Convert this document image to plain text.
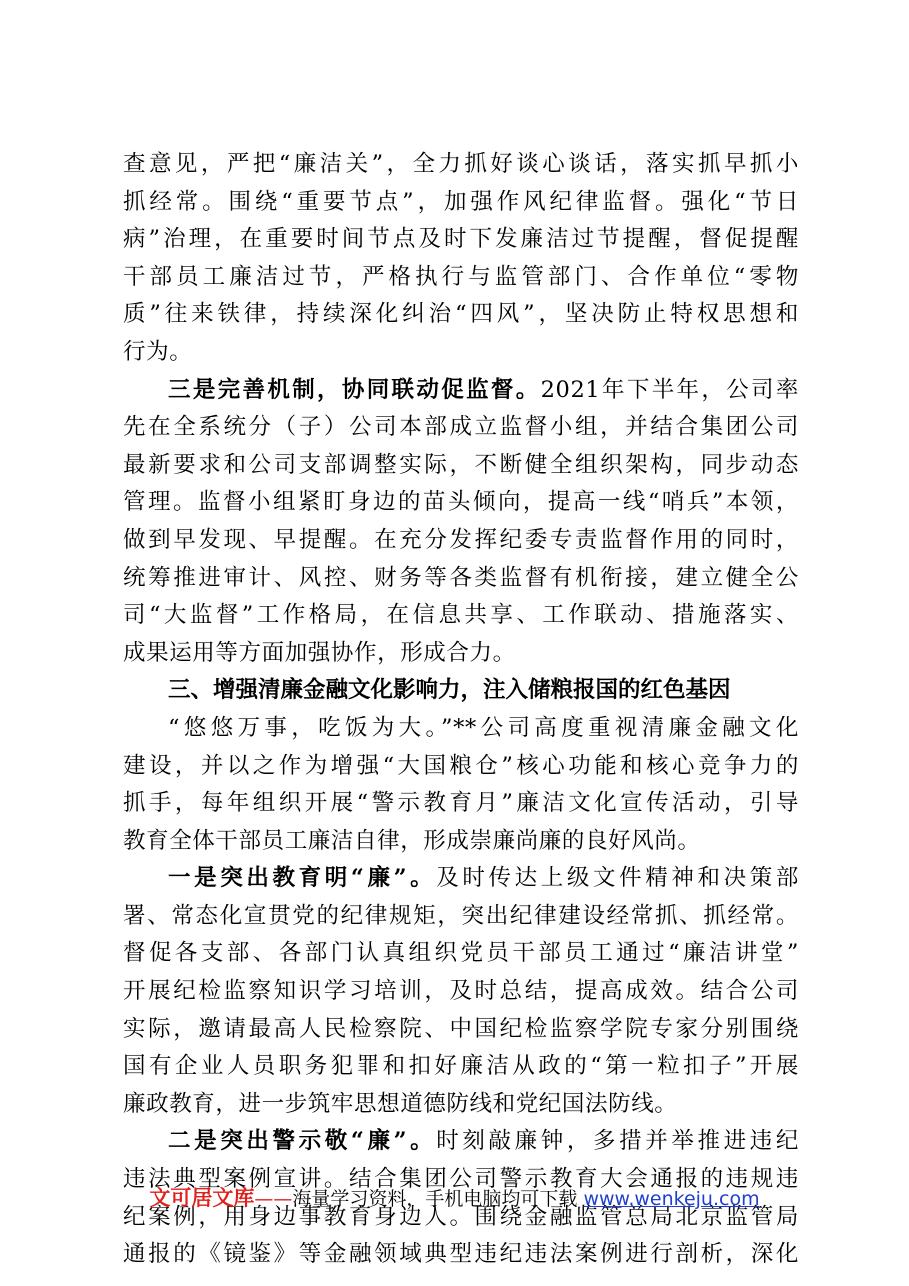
查意见，严把“廉洁关”，全力抓好谈心谈话，落实抓早抓小
抓经常。围绕“重要节点”，加强作风纪律监督。强化“节日
病”治理，在重要时间节点及时下发廉洁过节提醒，督促提醒
干部员工廉洁过节，严格执行与监管部门、合作单位“零物
质”往来铁律，持续深化纠治“四风”，坚决防止特权思想和
行为。

三是完善机制，协同联动促监督。2021年下半年，公司率
先在全系统分（子）公司本部成立监督小组，并结合集团公司
最新要求和公司支部调整实际，不断健全组织架构，同步动态
管理。监督小组紧盯身边的苗头倾向，提高一线“哨兵”本领，
做到早发现、早提醒。在充分发挥纪委专责监督作用的同时，
统筹推进审计、风控、财务等各类监督有机衔接，建立健全公
司“大监督”工作格局，在信息共享、工作联动、措施落实、
成果运用等方面加强协作，形成合力。

三、增强清廉金融文化影响力，注入储粮报国的红色基因

“悠悠万事，吃饭为大。”**公司高度重视清廉金融文化
建设，并以之作为增强“大国粮仓”核心功能和核心竞争力的
抓手，每年组织开展“警示教育月”廉洁文化宣传活动，引导
教育全体干部员工廉洁自律，形成崇廉尚廉的良好风尚。

一是突出教育明“廉”。及时传达上级文件精神和决策部
署、常态化宣贯党的纪律规矩，突出纪律建设经常抓、抓经常。
督促各支部、各部门认真组织党员干部员工通过“廉洁讲堂”
开展纪检监察知识学习培训，及时总结，提高成效。结合公司
实际，邀请最高人民检察院、中国纪检监察学院专家分别围绕
国有企业人员职务犯罪和扣好廉洁从政的“第一粒扣子”开展
廉政教育，进一步筑牢思想道德防线和党纪国法防线。

二是突出警示敬“廉”。时刻敲廉钟，多措并举推进违纪
违法典型案例宣讲。结合集团公司警示教育大会通报的违规违
纪案例，用身边事教育身边人。围绕金融监管总局北京监管局
通报的《镜鉴》等金融领域典型违纪违法案例进行剖析，深化

文可居文库——海量学习资料，手机电脑均可下载 www.wenkeju.com
